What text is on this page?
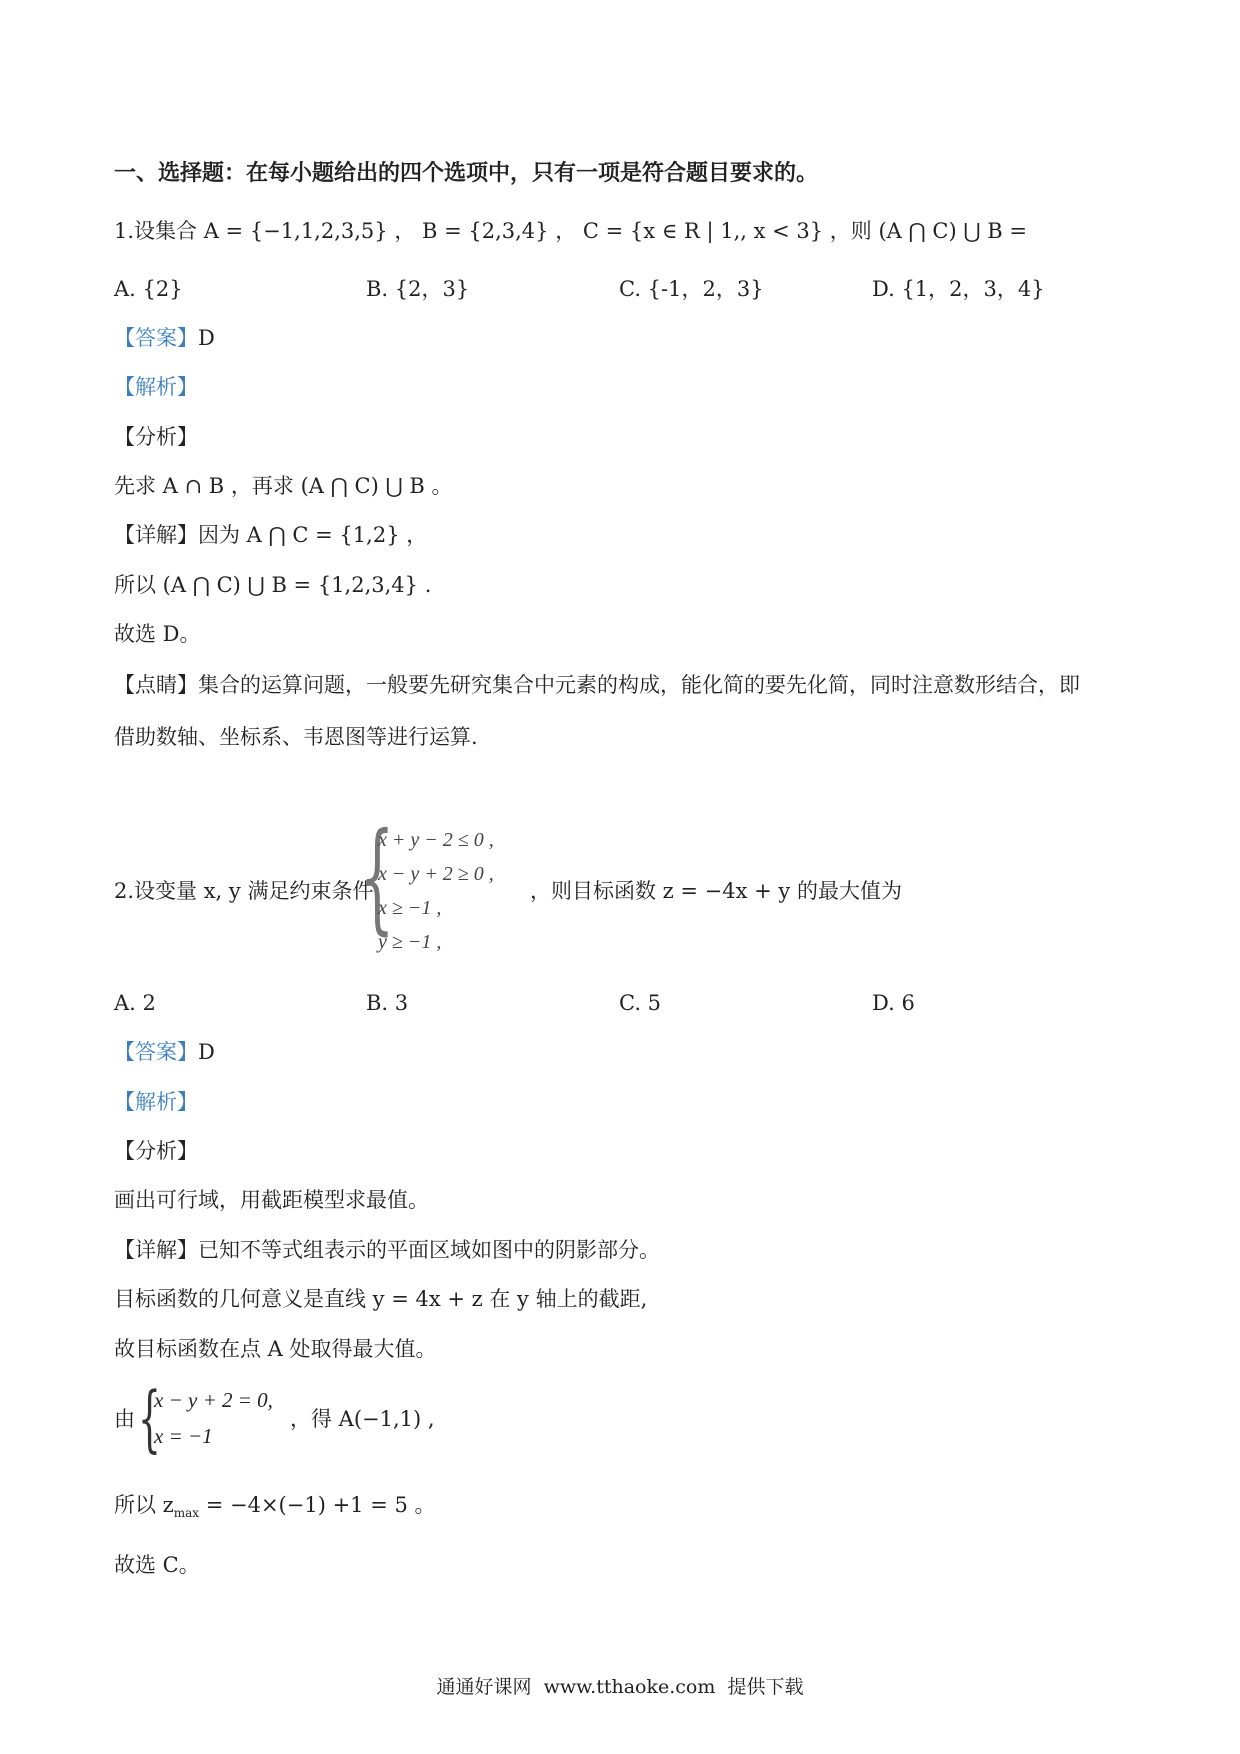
一、选择题：在每小题给出的四个选项中，只有一项是符合题目要求的。
1.设集合 A = {−1,1,2,3,5} ， B = {2,3,4} ， C = {x ∈ R | 1,, x < 3} ，则 (A ⋂ C) ⋃ B =
A. {2}	B. {2，3}	C. {-1，2，3}	D. {1，2，3，4}
【答案】D
【解析】
【分析】
先求 A ∩ B ，再求 (A ⋂ C) ⋃ B 。
【详解】因为 A ⋂ C = {1,2} ，
所以 (A ⋂ C) ⋃ B = {1,2,3,4} .
故选 D。
【点睛】集合的运算问题，一般要先研究集合中元素的构成，能化简的要先化简，同时注意数形结合，即
借助数轴、坐标系、韦恩图等进行运算.
2.设变量 x, y 满足约束条件
{
x + y − 2 ≤ 0 ,
x − y + 2 ≥ 0 ,
x ≥ −1 ,
y ≥ −1 ,
，则目标函数 z = −4x + y 的最大值为
A. 2	B. 3	C. 5	D. 6
【答案】D
【解析】
【分析】
画出可行域，用截距模型求最值。
【详解】已知不等式组表示的平面区域如图中的阴影部分。
目标函数的几何意义是直线 y = 4x + z 在 y 轴上的截距,
故目标函数在点 A 处取得最大值。
由 {
x − y + 2 = 0,
x = −1
，得 A(−1,1) ,
所以 $z_{max} = -4\times(-1) +1 = 5$ 。
故选 C。
通通好课网  www.tthaoke.com  提供下载
